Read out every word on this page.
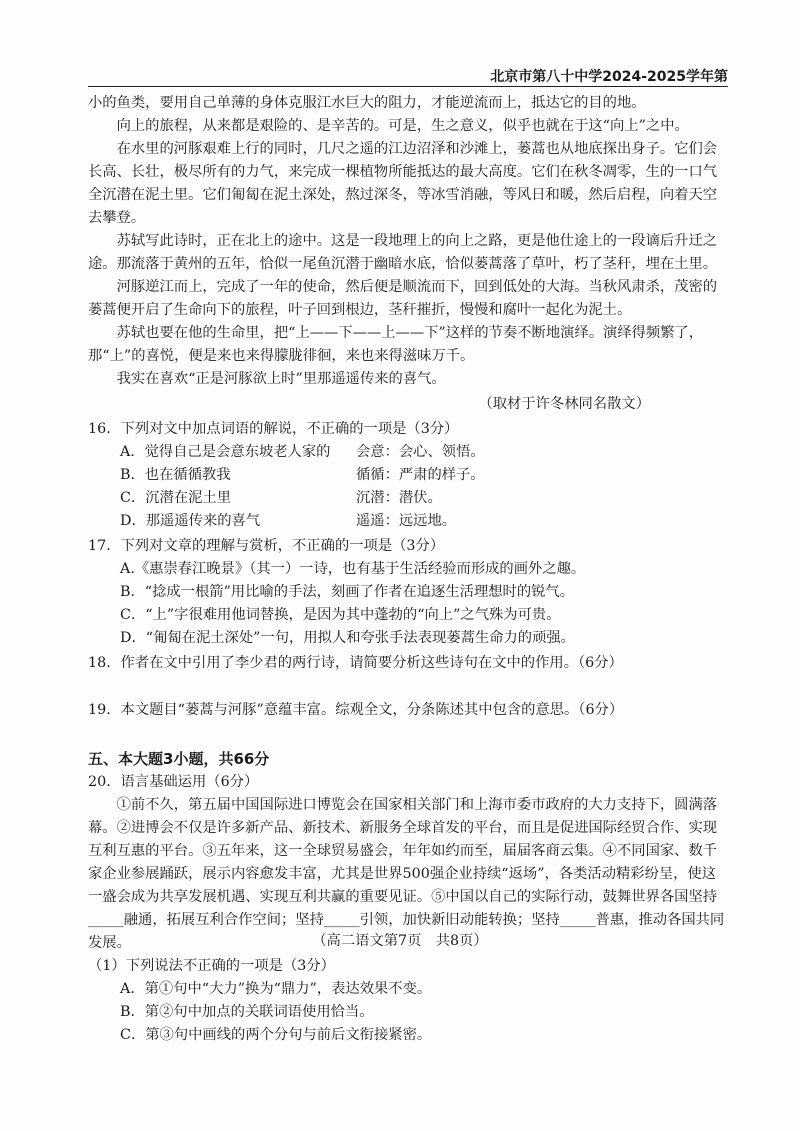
北京市第八十中学2024-2025学年第

小的鱼类，要用自己单薄的身体克服江水巨大的阻力，才能逆流而上，抵达它的目的地。

向上的旅程，从来都是艰险的、是辛苦的。可是，生之意义，似乎也就在于这“向上”之中。

在水里的河豚艰难上行的同时，几尺之遥的江边沼泽和沙滩上，蒌蒿也从地底探出身子。它们会长高、长壮，极尽所有的力气，来完成一棵植物所能抵达的最大高度。它们在秋冬凋零，生的一口气全沉潜在泥土里。它们匍匐在泥土深处，熬过深冬，等冰雪消融，等风日和暖，然后启程，向着天空去攀登。

苏轼写此诗时，正在北上的途中。这是一段地理上的向上之路，更是他仕途上的一段谪后升迁之途。那流落于黄州的五年，恰似一尾鱼沉潜于幽暗水底，恰似蒌蒿落了草叶，朽了茎秆，埋在土里。

河豚逆江而上，完成了一年的使命，然后便是顺流而下，回到低处的大海。当秋风肃杀，茂密的蒌蒿便开启了生命向下的旅程，叶子回到根边，茎秆摧折，慢慢和腐叶一起化为泥土。

苏轼也要在他的生命里，把“上——下——上——下”这样的节奏不断地演绎。演绎得频繁了，那“上”的喜悦，便是来也来得朦胧徘徊，来也来得滋味万千。

我实在喜欢“正是河豚欲上时”里那遥遥传来的喜气。

（取材于许冬林同名散文）

16．下列对文中加点词语的解说，不正确的一项是（3分）

A．觉得自己是会意东坡老人家的	会意：会心、领悟。
B．也在循循教我	循循：严肃的样子。
C．沉潜在泥土里	沉潜：潜伏。
D．那遥遥传来的喜气	遥遥：远远地。

17．下列对文章的理解与赏析，不正确的一项是（3分）

A.《惠崇春江晚景》（其一）一诗，也有基于生活经验而形成的画外之趣。

B．“捻成一根箭”用比喻的手法，刻画了作者在追逐生活理想时的锐气。

C．“上”字很难用他词替换，是因为其中蓬勃的“向上”之气殊为可贵。

D．“匍匐在泥土深处”一句，用拟人和夸张手法表现蒌蒿生命力的顽强。

18．作者在文中引用了李少君的两行诗，请简要分析这些诗句在文中的作用。（6分）

19．本文题目“蒌蒿与河豚”意蕴丰富。综观全文，分条陈述其中包含的意思。（6分）

五、本大题3小题，共66分

20．语言基础运用（6分）

①前不久，第五届中国国际进口博览会在国家相关部门和上海市委市政府的大力支持下，圆满落幕。②进博会不仅是许多新产品、新技术、新服务全球首发的平台，而且是促进国际经贸合作、实现互利互惠的平台。③五年来，这一全球贸易盛会，年年如约而至，届届客商云集。④不同国家、数千家企业参展踊跃，展示内容愈发丰富，尤其是世界500强企业持续“返场”，各类活动精彩纷呈，使这一盛会成为共享发展机遇、实现互利共赢的重要见证。⑤中国以自己的实际行动，鼓舞世界各国坚持_____融通，拓展互利合作空间；坚持_____引领，加快新旧动能转换；坚持_____普惠，推动各国共同发展。

（1）下列说法不正确的一项是（3分）

A．第①句中“大力”换为“鼎力”，表达效果不变。

B．第②句中加点的关联词语使用恰当。

C．第③句中画线的两个分句与前后文衔接紧密。

（高二语文第7页　共8页）
